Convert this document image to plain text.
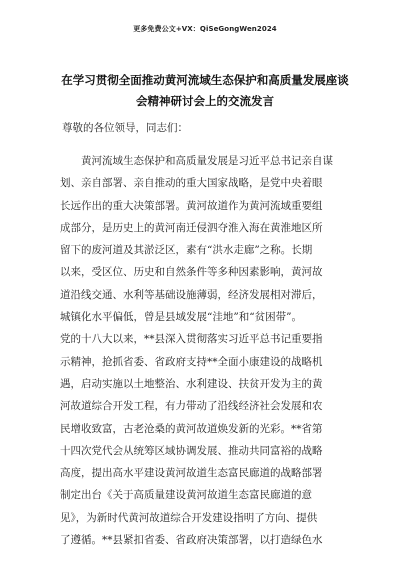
更多免费公文+VX：QiSeGongWen2024
在学习贯彻全面推动黄河流域生态保护和高质量发展座谈
会精神研讨会上的交流发言
尊敬的各位领导，同志们：
　　黄河流域生态保护和高质量发展是习近平总书记亲自谋
划、亲自部署、亲自推动的重大国家战略，是党中央着眼
长远作出的重大决策部署。黄河故道作为黄河流域重要组
成部分，是历史上的黄河南迁侵泗夺淮入海在黄淮地区所
留下的废河道及其淤泛区，素有“洪水走廊”之称。长期
以来，受区位、历史和自然条件等多种因素影响，黄河故
道沿线交通、水利等基础设施薄弱，经济发展相对滞后，
城镇化水平偏低，曾是县域发展“洼地”和“贫困带”。
党的十八大以来，**县深入贯彻落实习近平总书记重要指
示精神，抢抓省委、省政府支持**全面小康建设的战略机
遇，启动实施以土地整治、水利建设、扶贫开发为主的黄
河故道综合开发工程，有力带动了沿线经济社会发展和农
民增收致富，古老沧桑的黄河故道焕发新的光彩。**省第
十四次党代会从统筹区域协调发展、推动共同富裕的战略
高度，提出高水平建设黄河故道生态富民廊道的战略部署
制定出台《关于高质量建设黄河故道生态富民廊道的意
见》，为新时代黄河故道综合开发建设指明了方向、提供
了遵循。**县紧扣省委、省政府决策部署，以打造绿色水
